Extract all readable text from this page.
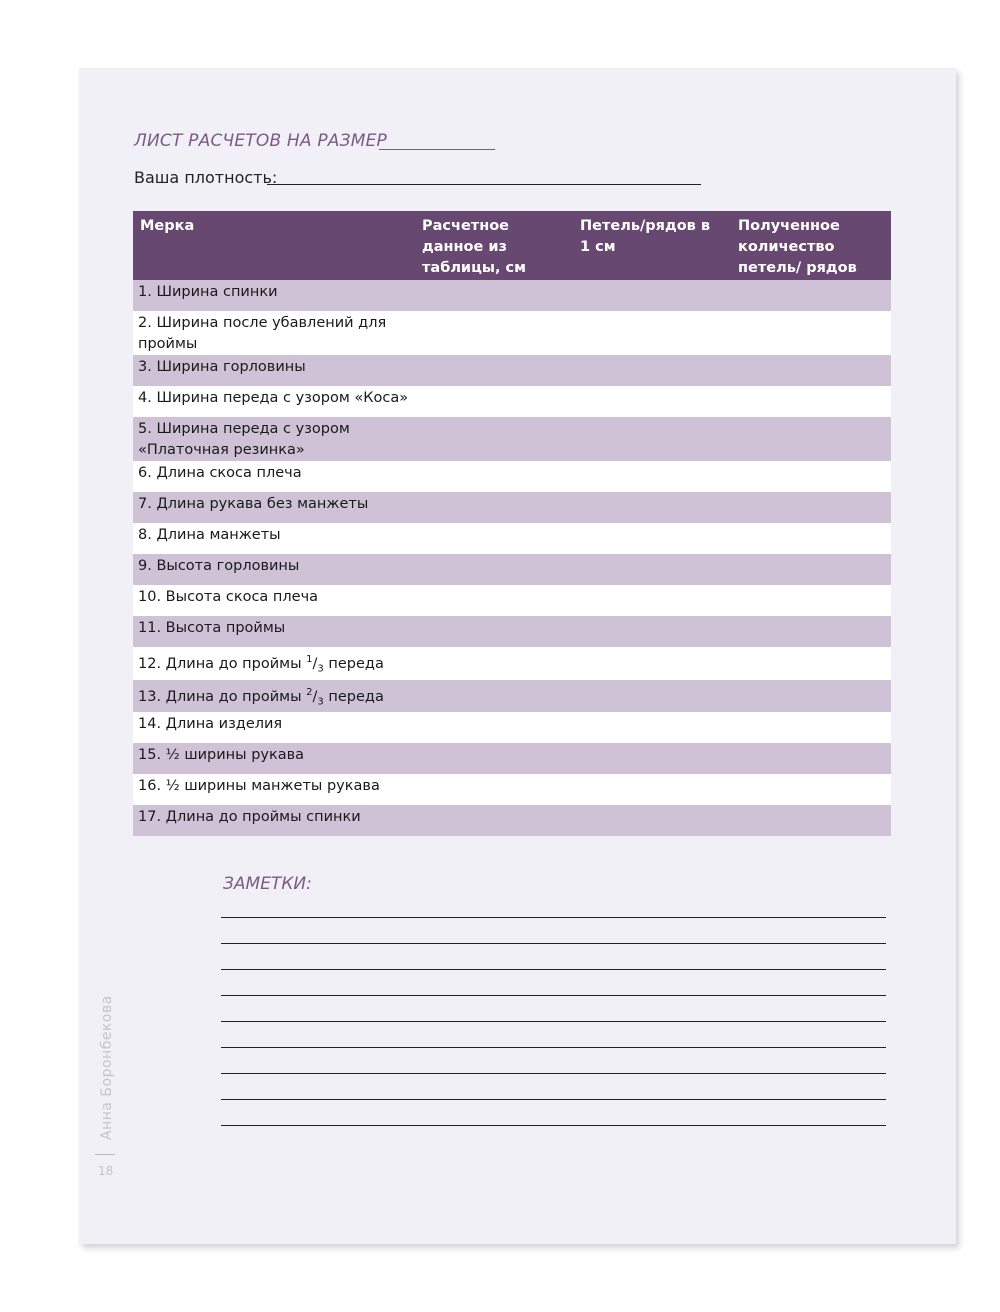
ЛИСТ РАСЧЕТОВ НА РАЗМЕР
Ваша плотность:
Мерка	Расчетное данное из таблицы, см	Петель/рядов в 1 см	Полученное количество петель/ рядов
1. Ширина спинки			
2. Ширина после убавлений для проймы			
3. Ширина горловины			
4. Ширина переда с узором «Коса»			
5. Ширина переда с узором «Платочная резинка»			
6. Длина скоса плеча			
7. Длина рукава без манжеты			
8. Длина манжеты			
9. Высота горловины			
10. Высота скоса плеча			
11. Высота проймы			
12. Длина до проймы $^1/_3$ переда			
13. Длина до проймы $^2/_3$ переда			
14. Длина изделия			
15. ½ ширины рукава			
16. ½ ширины манжеты рукава			
17. Длина до проймы спинки			
ЗАМЕТКИ:
Анна Боронбекова
18
